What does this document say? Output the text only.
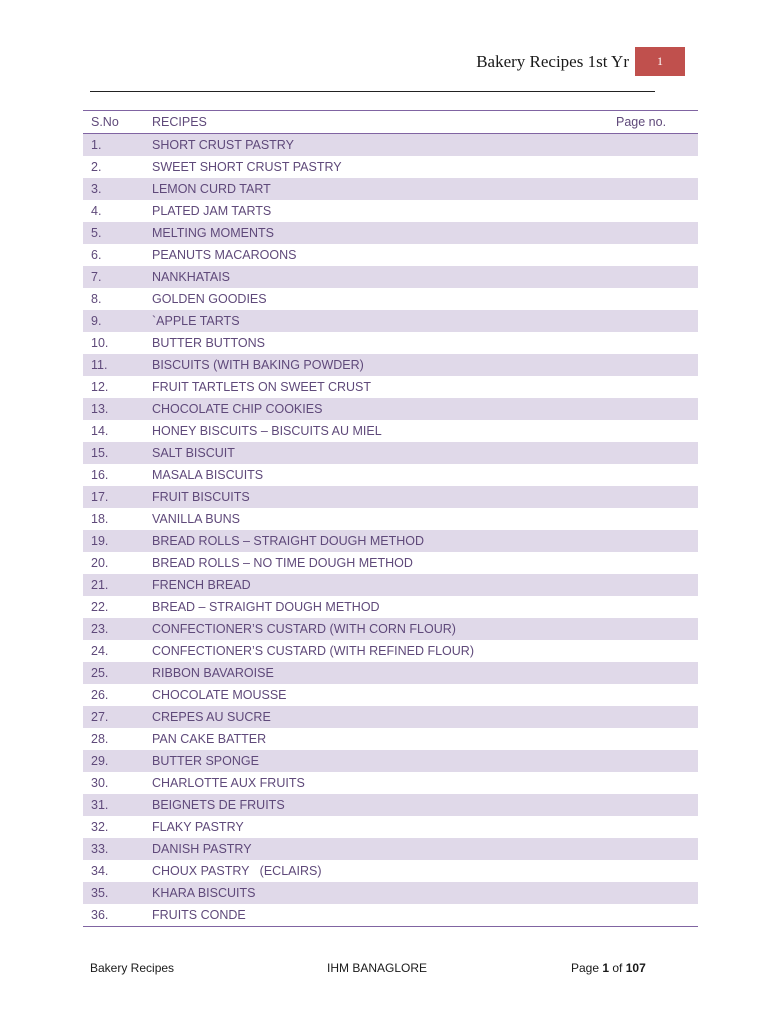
Bakery Recipes 1st Yr	1
S.No	RECIPES	Page no.
1.	SHORT CRUST PASTRY	
2.	SWEET SHORT CRUST PASTRY	
3.	LEMON CURD TART	
4.	PLATED JAM TARTS	
5.	MELTING MOMENTS	
6.	PEANUTS MACAROONS	
7.	NANKHATAIS	
8.	GOLDEN GOODIES	
9.	`APPLE TARTS	
10.	BUTTER BUTTONS	
11.	BISCUITS (WITH BAKING POWDER)	
12.	FRUIT TARTLETS ON SWEET CRUST	
13.	CHOCOLATE CHIP COOKIES	
14.	HONEY BISCUITS – BISCUITS AU MIEL	
15.	SALT BISCUIT	
16.	MASALA BISCUITS	
17.	FRUIT BISCUITS	
18.	VANILLA BUNS	
19.	BREAD ROLLS – STRAIGHT DOUGH METHOD	
20.	BREAD ROLLS – NO TIME DOUGH METHOD	
21.	FRENCH BREAD	
22.	BREAD – STRAIGHT DOUGH METHOD	
23.	CONFECTIONER’S CUSTARD (WITH CORN FLOUR)	
24.	CONFECTIONER’S CUSTARD (WITH REFINED FLOUR)	
25.	RIBBON BAVAROISE	
26.	CHOCOLATE MOUSSE	
27.	CREPES AU SUCRE	
28.	PAN CAKE BATTER	
29.	BUTTER SPONGE	
30.	CHARLOTTE AUX FRUITS	
31.	BEIGNETS DE FRUITS	
32.	FLAKY PASTRY	
33.	DANISH PASTRY	
34.	CHOUX PASTRY   (ECLAIRS)	
35.	KHARA BISCUITS	
36.	FRUITS CONDE	
Bakery Recipes	IHM BANAGLORE	Page 1 of 107
